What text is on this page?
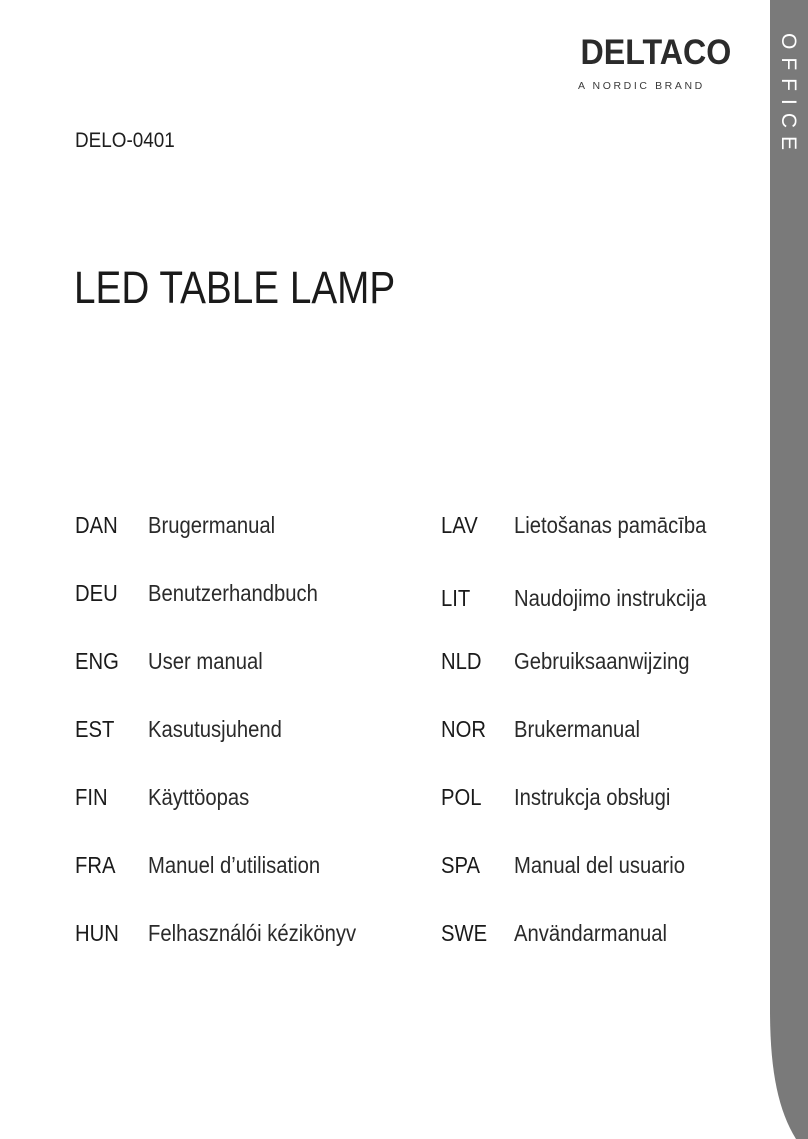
OFFICE
DELTACO
A NORDIC BRAND
DELO-0401
LED TABLE LAMP
DAN Brugermanual
DEU Benutzerhandbuch
ENG User manual
EST Kasutusjuhend
FIN Käyttöopas
FRA Manuel d’utilisation
HUN Felhasználói kézikönyv
LAV Lietošanas pamācība
LIT Naudojimo instrukcija
NLD Gebruiksaanwijzing
NOR Brukermanual
POL Instrukcja obsługi
SPA Manual del usuario
SWE Användarmanual
